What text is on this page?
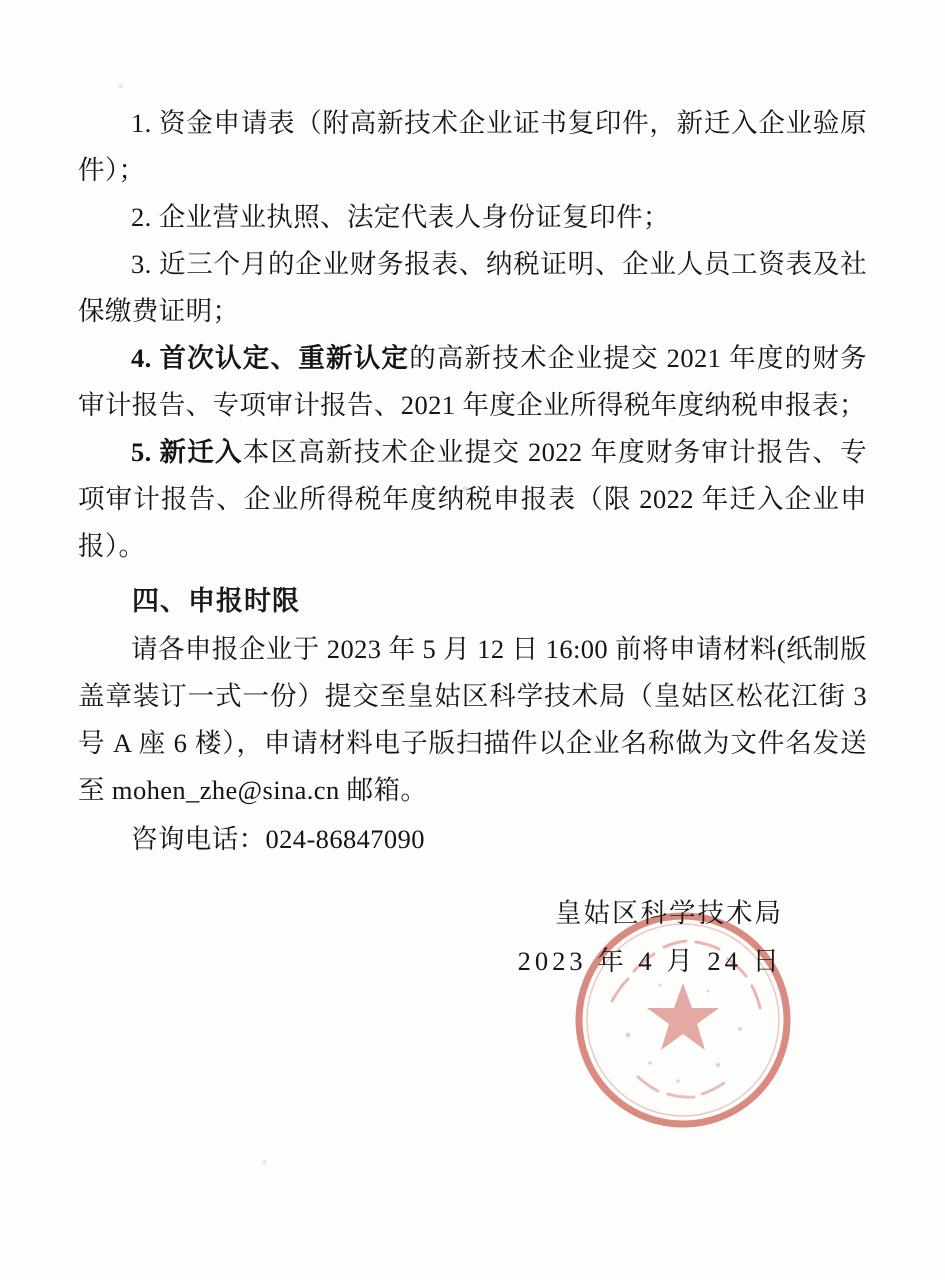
1. 资金申请表（附高新技术企业证书复印件，新迁入企业验原件）；

2. 企业营业执照、法定代表人身份证复印件；

3. 近三个月的企业财务报表、纳税证明、企业人员工资表及社保缴费证明；

4. 首次认定、重新认定的高新技术企业提交 2021 年度的财务审计报告、专项审计报告、2021 年度企业所得税年度纳税申报表；

5. 新迁入本区高新技术企业提交 2022 年度财务审计报告、专项审计报告、企业所得税年度纳税申报表（限 2022 年迁入企业申报）。

四、申报时限

请各申报企业于 2023 年 5 月 12 日 16:00 前将申请材料(纸制版盖章装订一式一份）提交至皇姑区科学技术局（皇姑区松花江街 3 号 A 座 6 楼），申请材料电子版扫描件以企业名称做为文件名发送至 mohen_zhe@sina.cn 邮箱。

咨询电话：024-86847090

皇姑区科学技术局
2023 年 4 月 24 日
